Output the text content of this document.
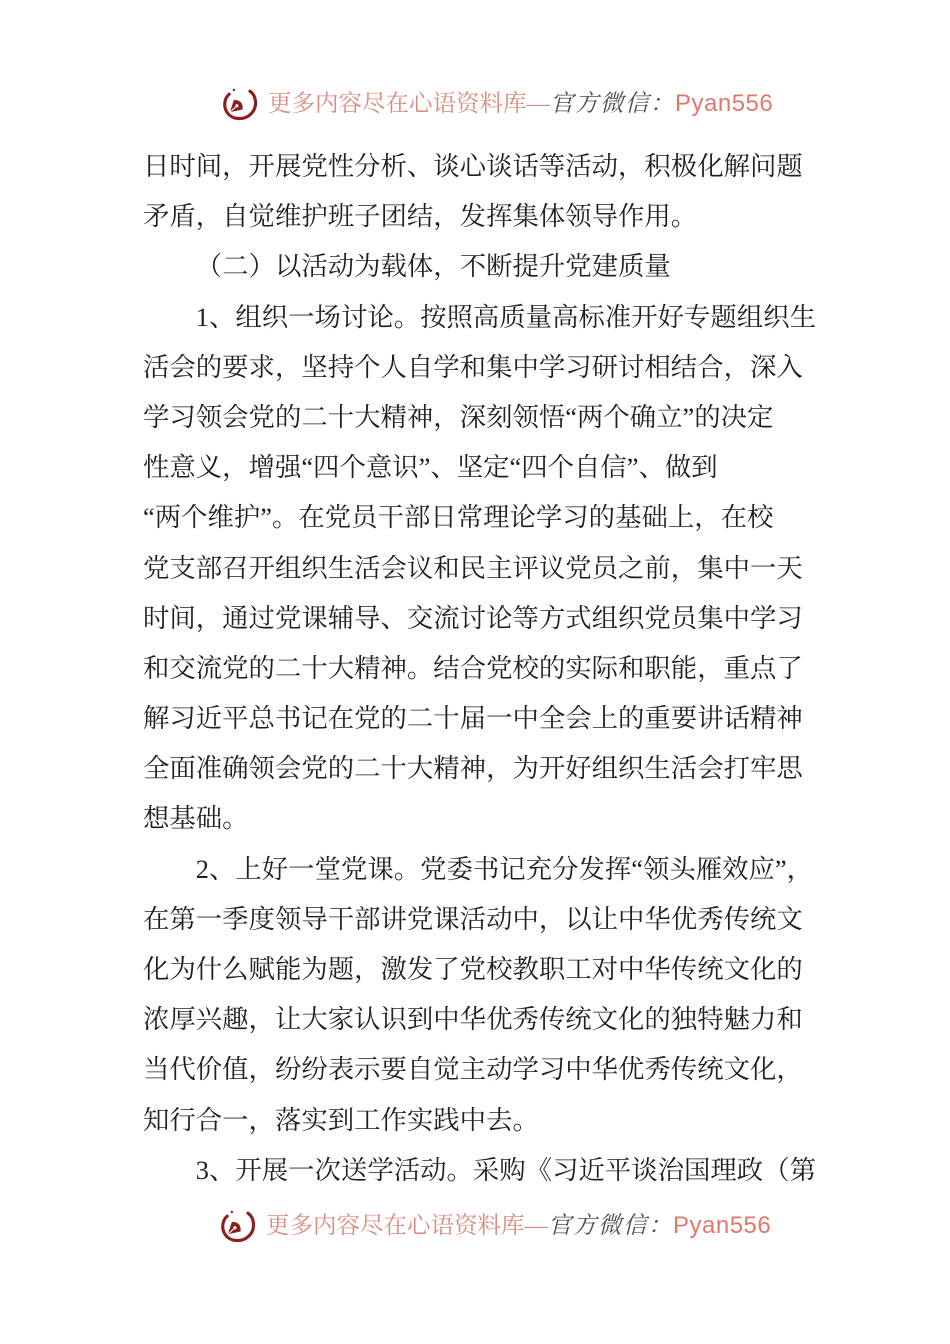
更多内容尽在心语资料库—官方微信：Pyan556
日时间，开展党性分析、谈心谈话等活动，积极化解问题
矛盾，自觉维护班子团结，发挥集体领导作用。
（二）以活动为载体，不断提升党建质量
1、组织一场讨论。按照高质量高标准开好专题组织生
活会的要求，坚持个人自学和集中学习研讨相结合，深入
学习领会党的二十大精神，深刻领悟“两个确立”的决定
性意义，增强“四个意识”、坚定“四个自信”、做到
“两个维护”。在党员干部日常理论学习的基础上，在校
党支部召开组织生活会议和民主评议党员之前，集中一天
时间，通过党课辅导、交流讨论等方式组织党员集中学习
和交流党的二十大精神。结合党校的实际和职能，重点了
解习近平总书记在党的二十届一中全会上的重要讲话精神
全面准确领会党的二十大精神，为开好组织生活会打牢思
想基础。
2、上好一堂党课。党委书记充分发挥“领头雁效应”，
在第一季度领导干部讲党课活动中，以让中华优秀传统文
化为什么赋能为题，激发了党校教职工对中华传统文化的
浓厚兴趣，让大家认识到中华优秀传统文化的独特魅力和
当代价值，纷纷表示要自觉主动学习中华优秀传统文化，
知行合一，落实到工作实践中去。
3、开展一次送学活动。采购《习近平谈治国理政（第
更多内容尽在心语资料库—官方微信：Pyan556
